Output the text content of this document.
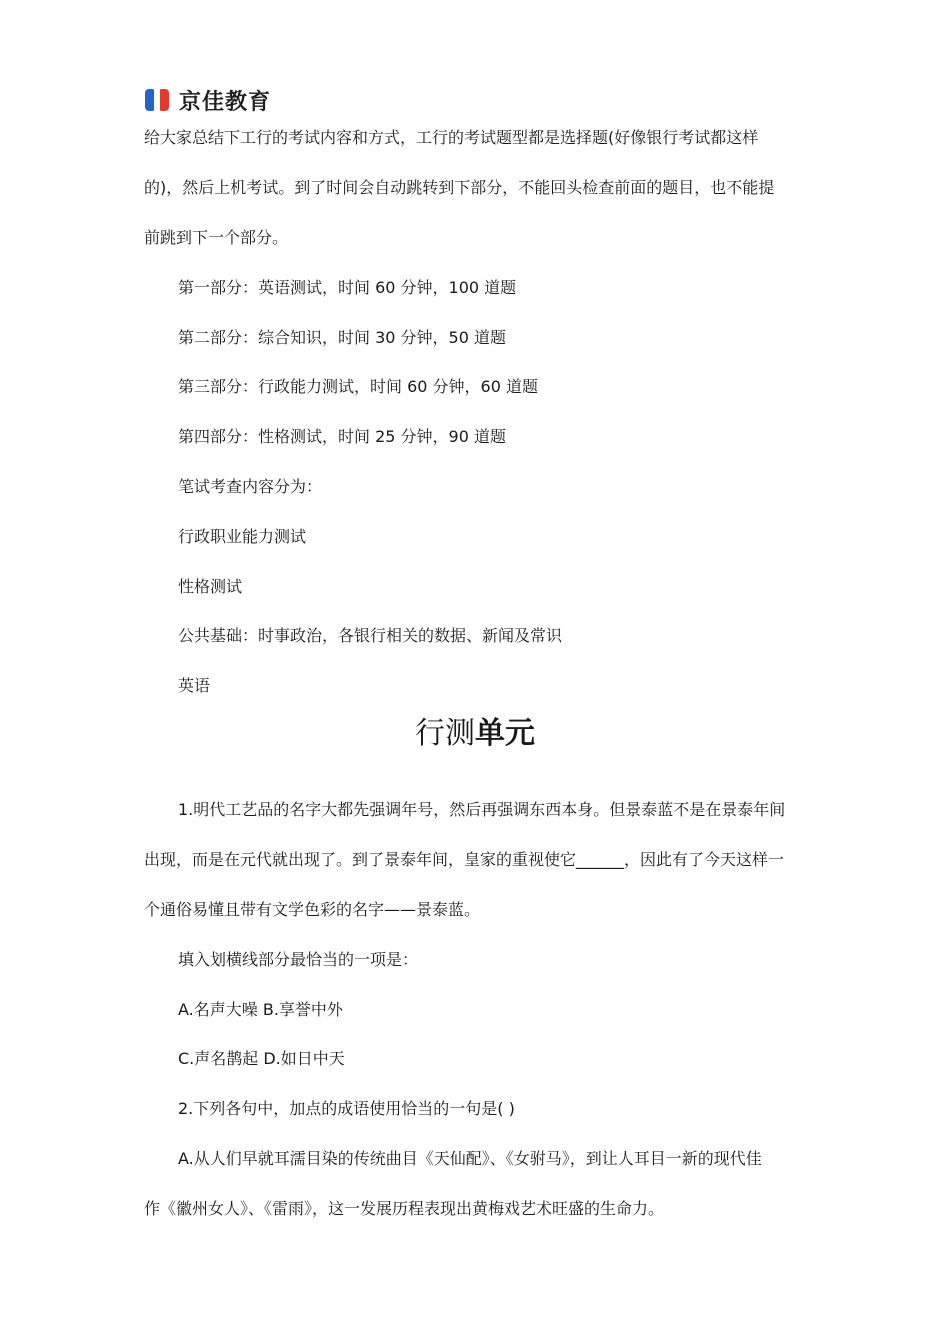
京佳教育
给大家总结下工行的考试内容和方式，工行的考试题型都是选择题(好像银行考试都这样
的)，然后上机考试。到了时间会自动跳转到下部分，不能回头检查前面的题目，也不能提
前跳到下一个部分。
第一部分：英语测试，时间 60 分钟，100 道题
第二部分：综合知识，时间 30 分钟，50 道题
第三部分：行政能力测试，时间 60 分钟，60 道题
第四部分：性格测试，时间 25 分钟，90 道题
笔试考查内容分为：
行政职业能力测试
性格测试
公共基础：时事政治，各银行相关的数据、新闻及常识
英语
行测单元
1.明代工艺品的名字大都先强调年号，然后再强调东西本身。但景泰蓝不是在景泰年间
出现，而是在元代就出现了。到了景泰年间，皇家的重视使它______，因此有了今天这样一
个通俗易懂且带有文学色彩的名字——景泰蓝。
填入划横线部分最恰当的一项是：
A.名声大噪 B.享誉中外
C.声名鹊起 D.如日中天
2.下列各句中，加点的成语使用恰当的一句是( )
A.从人们早就耳濡目染的传统曲目《天仙配》、《女驸马》，到让人耳目一新的现代佳
作《徽州女人》、《雷雨》，这一发展历程表现出黄梅戏艺术旺盛的生命力。
